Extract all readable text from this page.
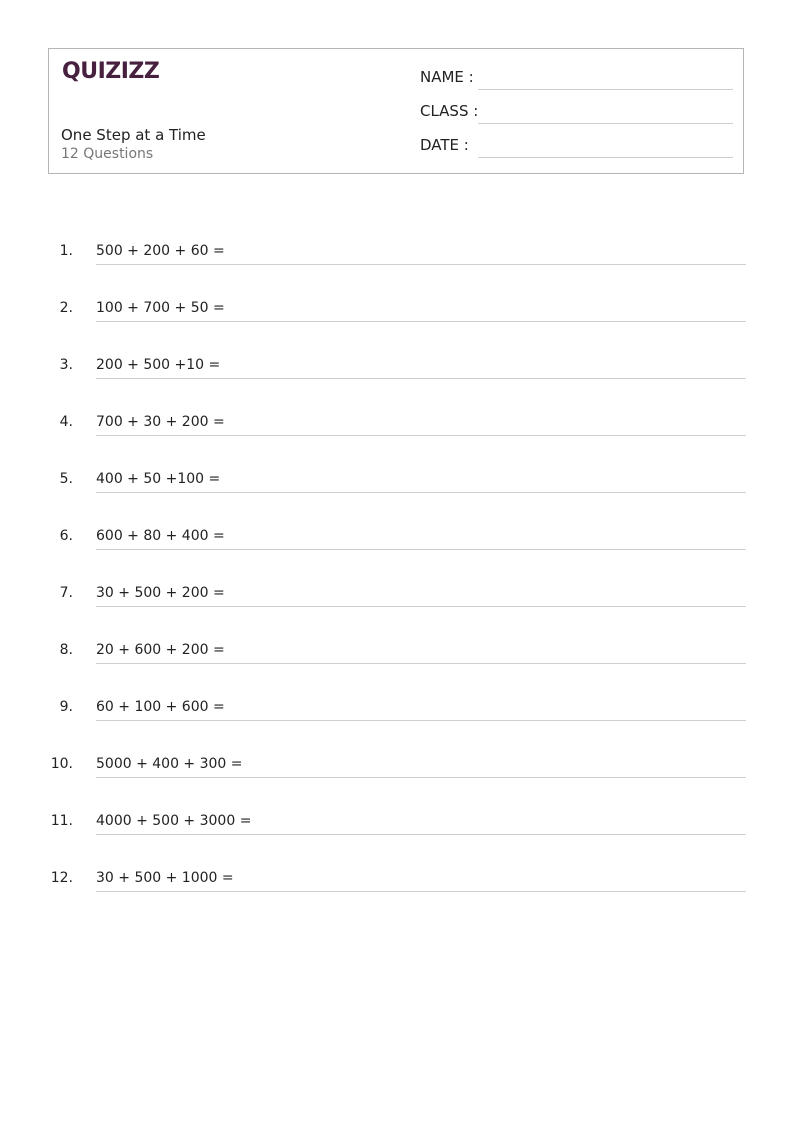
QUIZIZZ
One Step at a Time
12 Questions
NAME :
CLASS :
DATE :
1. 500 + 200 + 60 =
2. 100 + 700 + 50 =
3. 200 + 500 +10 =
4. 700 + 30 + 200 =
5. 400 + 50 +100 =
6. 600 + 80 + 400 =
7. 30 + 500 + 200 =
8. 20 + 600 + 200 =
9. 60 + 100 + 600 =
10. 5000 + 400 + 300 =
11. 4000 + 500 + 3000 =
12. 30 + 500 + 1000 =
